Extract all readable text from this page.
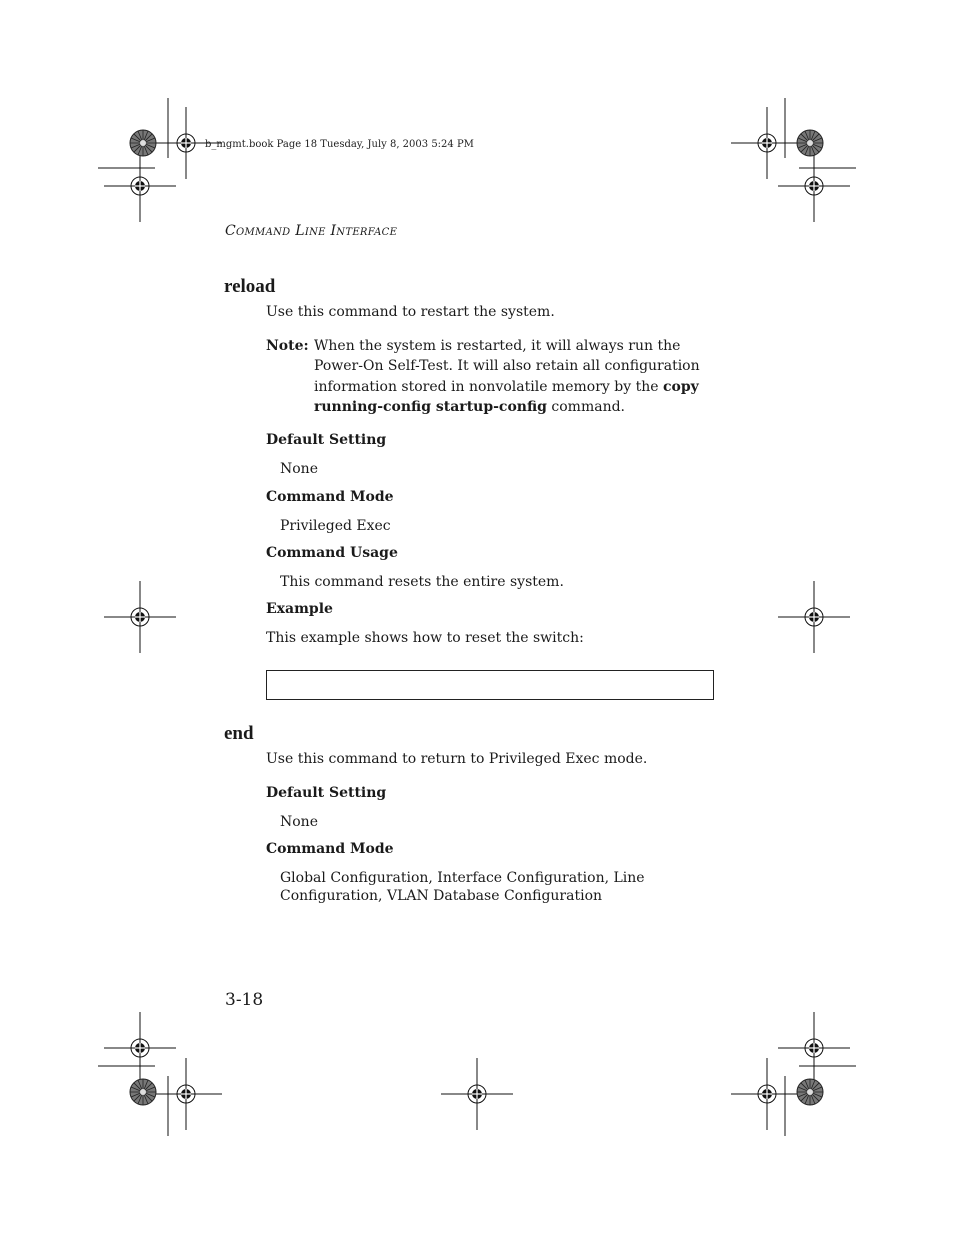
b_mgmt.book Page 18 Tuesday, July 8, 2003 5:24 PM
Command Line Interface
reload
Use this command to restart the system.
Note: When the system is restarted, it will always run the Power-On Self-Test. It will also retain all configuration information stored in nonvolatile memory by the copy running-config startup-config command.
Default Setting
None
Command Mode
Privileged Exec
Command Usage
This command resets the entire system.
Example
This example shows how to reset the switch:
end
Use this command to return to Privileged Exec mode.
Default Setting
None
Command Mode
Global Configuration, Interface Configuration, Line
Configuration, VLAN Database Configuration
3-18
